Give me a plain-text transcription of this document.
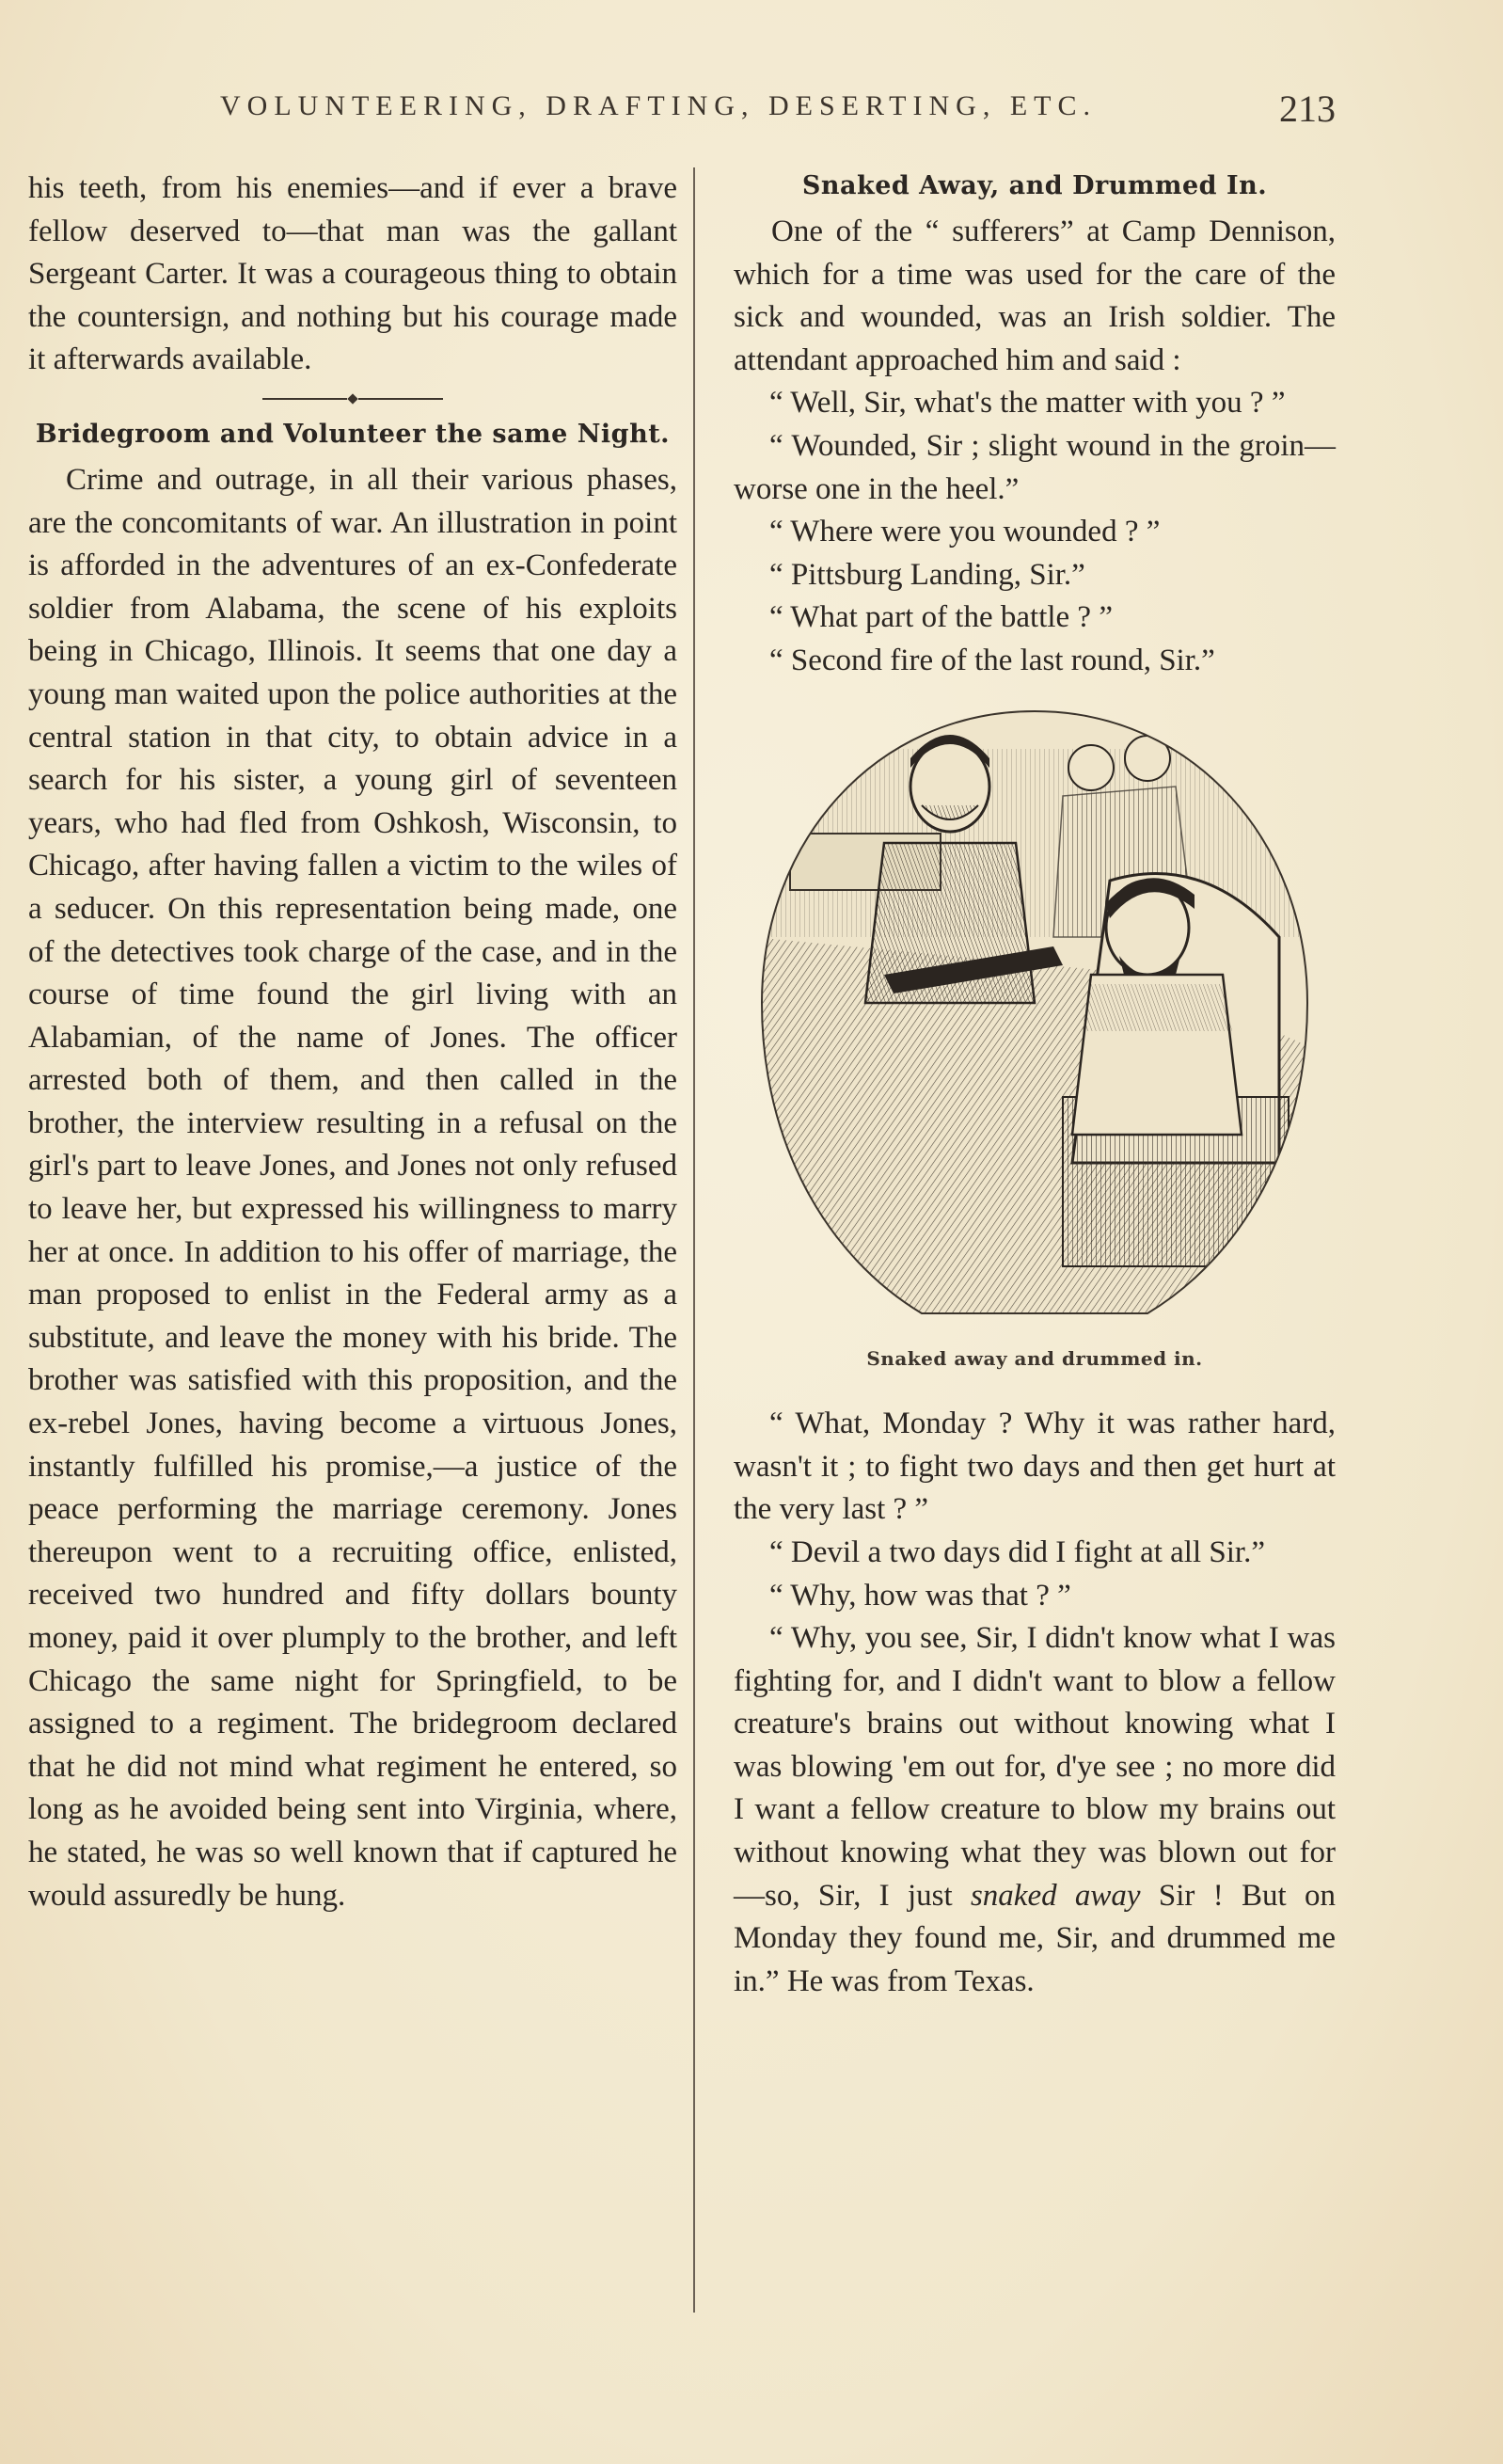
VOLUNTEERING, DRAFTING, DESERTING, ETC.	213

his teeth, from his enemies—and if ever a brave fellow deserved to—that man was the gallant Sergeant Carter. It was a courageous thing to obtain the countersign, and nothing but his courage made it afterwards available.

Bridegroom and Volunteer the same Night.

Crime and outrage, in all their various phases, are the concomitants of war. An illustration in point is afforded in the adventures of an ex-Confederate soldier from Alabama, the scene of his exploits being in Chicago, Illinois. It seems that one day a young man waited upon the police authorities at the central station in that city, to obtain advice in a search for his sister, a young girl of seventeen years, who had fled from Oshkosh, Wisconsin, to Chicago, after having fallen a victim to the wiles of a seducer. On this representation being made, one of the detectives took charge of the case, and in the course of time found the girl living with an Alabamian, of the name of Jones. The officer arrested both of them, and then called in the brother, the interview resulting in a refusal on the girl's part to leave Jones, and Jones not only refused to leave her, but expressed his willingness to marry her at once. In addition to his offer of marriage, the man proposed to enlist in the Federal army as a substitute, and leave the money with his bride. The brother was satisfied with this proposition, and the ex-rebel Jones, having become a virtuous Jones, instantly fulfilled his promise,—a justice of the peace performing the marriage ceremony. Jones thereupon went to a recruiting office, enlisted, received two hundred and fifty dollars bounty money, paid it over plumply to the brother, and left Chicago the same night for Springfield, to be assigned to a regiment. The bridegroom declared that he did not mind what regiment he entered, so long as he avoided being sent into Virginia, where, he stated, he was so well known that if captured he would assuredly be hung.

Snaked Away, and Drummed In.

One of the “ sufferers” at Camp Dennison, which for a time was used for the care of the sick and wounded, was an Irish soldier. The attendant approached him and said :

“ Well, Sir, what's the matter with you ? ”

“ Wounded, Sir ; slight wound in the groin—worse one in the heel.”

“ Where were you wounded ? ”

“ Pittsburg Landing, Sir.”

“ What part of the battle ? ”

“ Second fire of the last round, Sir.”

Snaked away and drummed in.

“ What, Monday ? Why it was rather hard, wasn't it ; to fight two days and then get hurt at the very last ? ”

“ Devil a two days did I fight at all Sir.”

“ Why, how was that ? ”

“ Why, you see, Sir, I didn't know what I was fighting for, and I didn't want to blow a fellow creature's brains out without knowing what I was blowing 'em out for, d'ye see ; no more did I want a fellow creature to blow my brains out without knowing what they was blown out for—so, Sir, I just snaked away Sir ! But on Monday they found me, Sir, and drummed me in.” He was from Texas.
